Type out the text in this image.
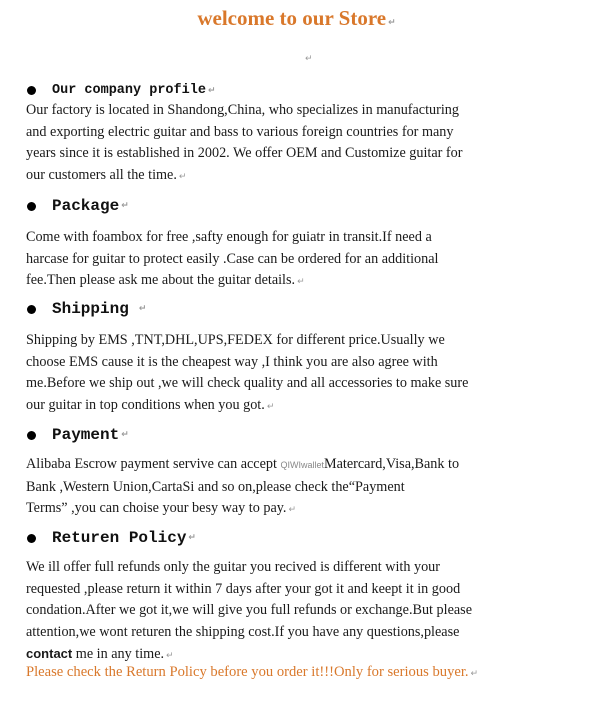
welcome to our Store ↵
↵
Our company profile ↵
Our factory is located in Shandong,China, who specializes in manufacturing
and exporting electric guitar and bass to various foreign countries for many
years since it is established in 2002. We offer OEM and Customize guitar for
our customers all the time. ↵
Package ↵
Come with foambox for free ,safty enough for guiatr in transit.If need a
harcase for guitar to protect easily .Case can be ordered for an additional
fee.Then please ask me about the guitar details. ↵
Shipping ↵
Shipping by EMS ,TNT,DHL,UPS,FEDEX for different price.Usually we
choose EMS cause it is the cheapest way ,I think you are also agree with
me.Before we ship out ,we will check quality and all accessories to make sure
our guitar in top conditions when you got. ↵
Payment ↵
Alibaba Escrow payment servive can accept QIWIwalletMatercard,Visa,Bank to
Bank ,Western Union,CartaSi and so on,please check the“Payment
Terms” ,you can choise your besy way to pay. ↵
Returen Policy ↵
We ill offer full refunds only the guitar you recived is different with your
requested ,please return it within 7 days after your got it and keept it in good
condation.After we got it,we will give you full refunds or exchange.But please
attention,we wont returen the shipping cost.If you have any questions,please
contact me in any time. ↵
Please check the Return Policy before you order it!!!Only for serious buyer. ↵
